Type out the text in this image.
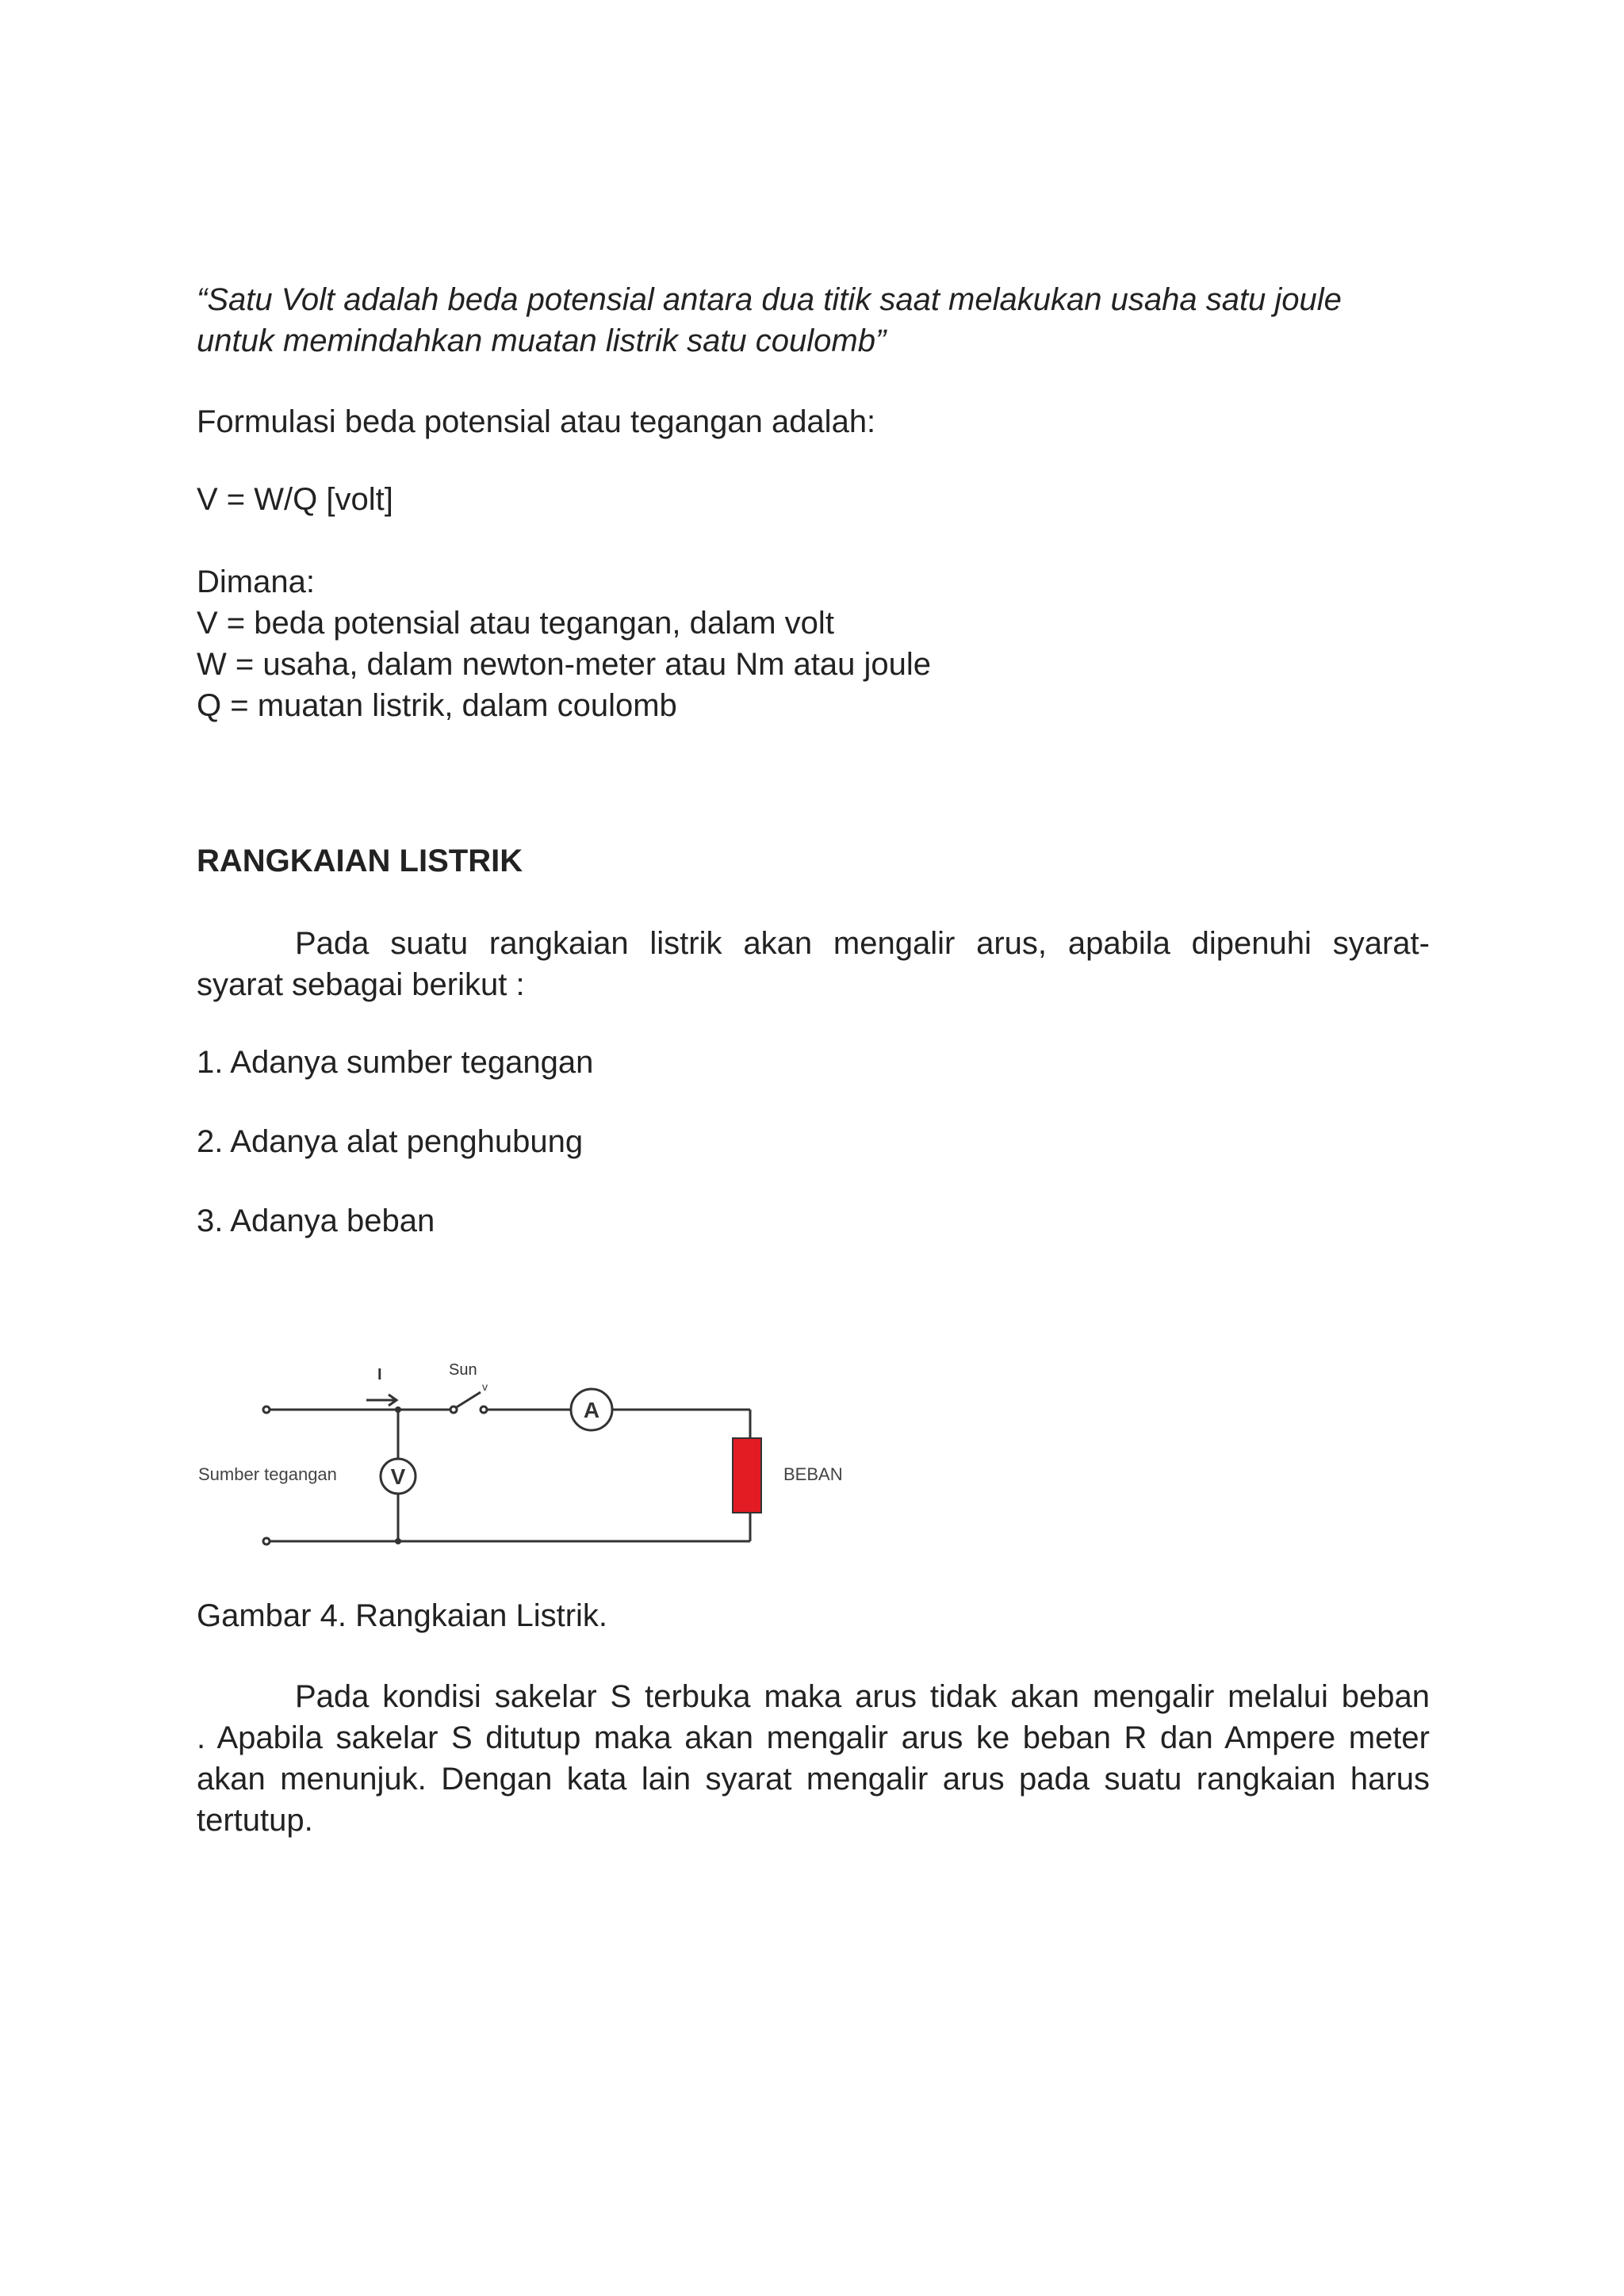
“Satu Volt adalah beda potensial antara dua titik saat melakukan usaha satu joule
untuk memindahkan muatan listrik satu coulomb”
Formulasi beda potensial atau tegangan adalah:
V = W/Q [volt]
Dimana:
V = beda potensial atau tegangan, dalam volt
W = usaha, dalam newton-meter atau Nm atau joule
Q = muatan listrik, dalam coulomb
RANGKAIAN LISTRIK
Pada suatu rangkaian listrik akan mengalir arus, apabila dipenuhi syarat-
syarat sebagai berikut :
1. Adanya sumber tegangan
2. Adanya alat penghubung
3. Adanya beban
I	Sun
v
A
V
Sumber tegangan	BEBAN
Gambar 4. Rangkaian Listrik.
Pada kondisi sakelar S terbuka maka arus tidak akan mengalir melalui beban
. Apabila sakelar S ditutup maka akan mengalir arus ke beban R dan Ampere meter
akan menunjuk. Dengan kata lain syarat mengalir arus pada suatu rangkaian harus
tertutup.
